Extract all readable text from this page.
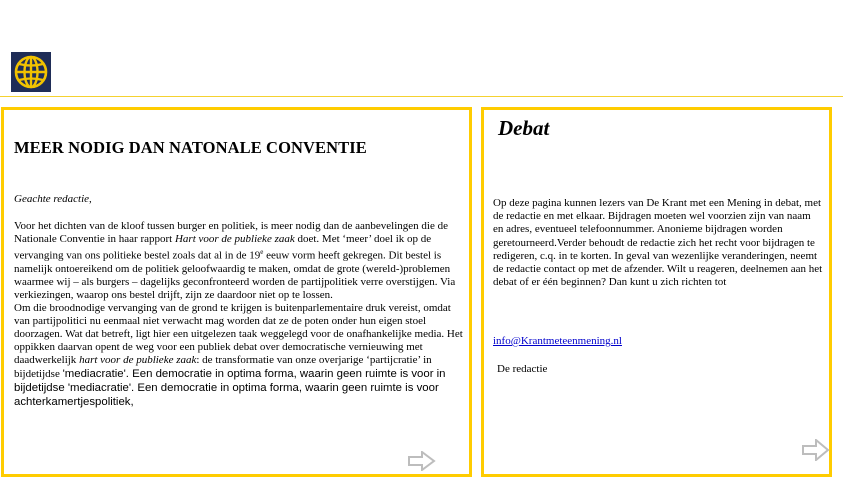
MEER NODIG DAN NATONALE CONVENTIE
Geachte redactie,

Voor het dichten van de kloof tussen burger en politiek, is meer nodig dan de aanbevelingen die de Nationale Conventie in haar rapport Hart voor de publieke zaak doet. Met ‘meer’ doel ik op de vervanging van ons politieke bestel zoals dat al in de 19e eeuw vorm heeft gekregen. Dit bestel is namelijk ontoereikend om de politiek geloofwaardig te maken, omdat de grote (wereld-)problemen waarmee wij – als burgers – dagelijks geconfronteerd worden de partijpolitiek verre overstijgen. Via verkiezingen, waarop ons bestel drijft, zijn ze daardoor niet op te lossen.

Om die broodnodige vervanging van de grond te krijgen is buitenparlementaire druk vereist, omdat van partijpolitici nu eenmaal niet verwacht mag worden dat ze de poten onder hun eigen stoel doorzagen. Wat dat betreft, ligt hier een uitgelezen taak weggelegd voor de onafhankelijke media. Het oppikken daarvan opent de weg voor een publiek debat over democratische vernieuwing met daadwerkelijk hart voor de publieke zaak: de transformatie van onze overjarige ‘partijcratie’ in bijdetijdse 'mediacratie'. Een democratie in optima forma, waarin geen ruimte is voor in bijdetijdse 'mediacratie'. Een democratie in optima forma, waarin geen ruimte is voor achterkamertjespolitiek,

Debat
Op deze pagina kunnen lezers van De Krant met een Mening in debat, met de redactie en met elkaar. Bijdragen moeten wel voorzien zijn van naam en adres, eventueel telefoonnummer. Anonieme bijdragen worden geretourneerd.Verder behoudt de redactie zich het recht voor bijdragen te redigeren, c.q. in te korten. In geval van wezenlijke veranderingen, neemt de redactie contact op met de afzender. Wilt u reageren, deelnemen aan het debat of er één beginnen? Dan kunt u zich richten tot
info@Krantmeteenmening.nl
De redactie
